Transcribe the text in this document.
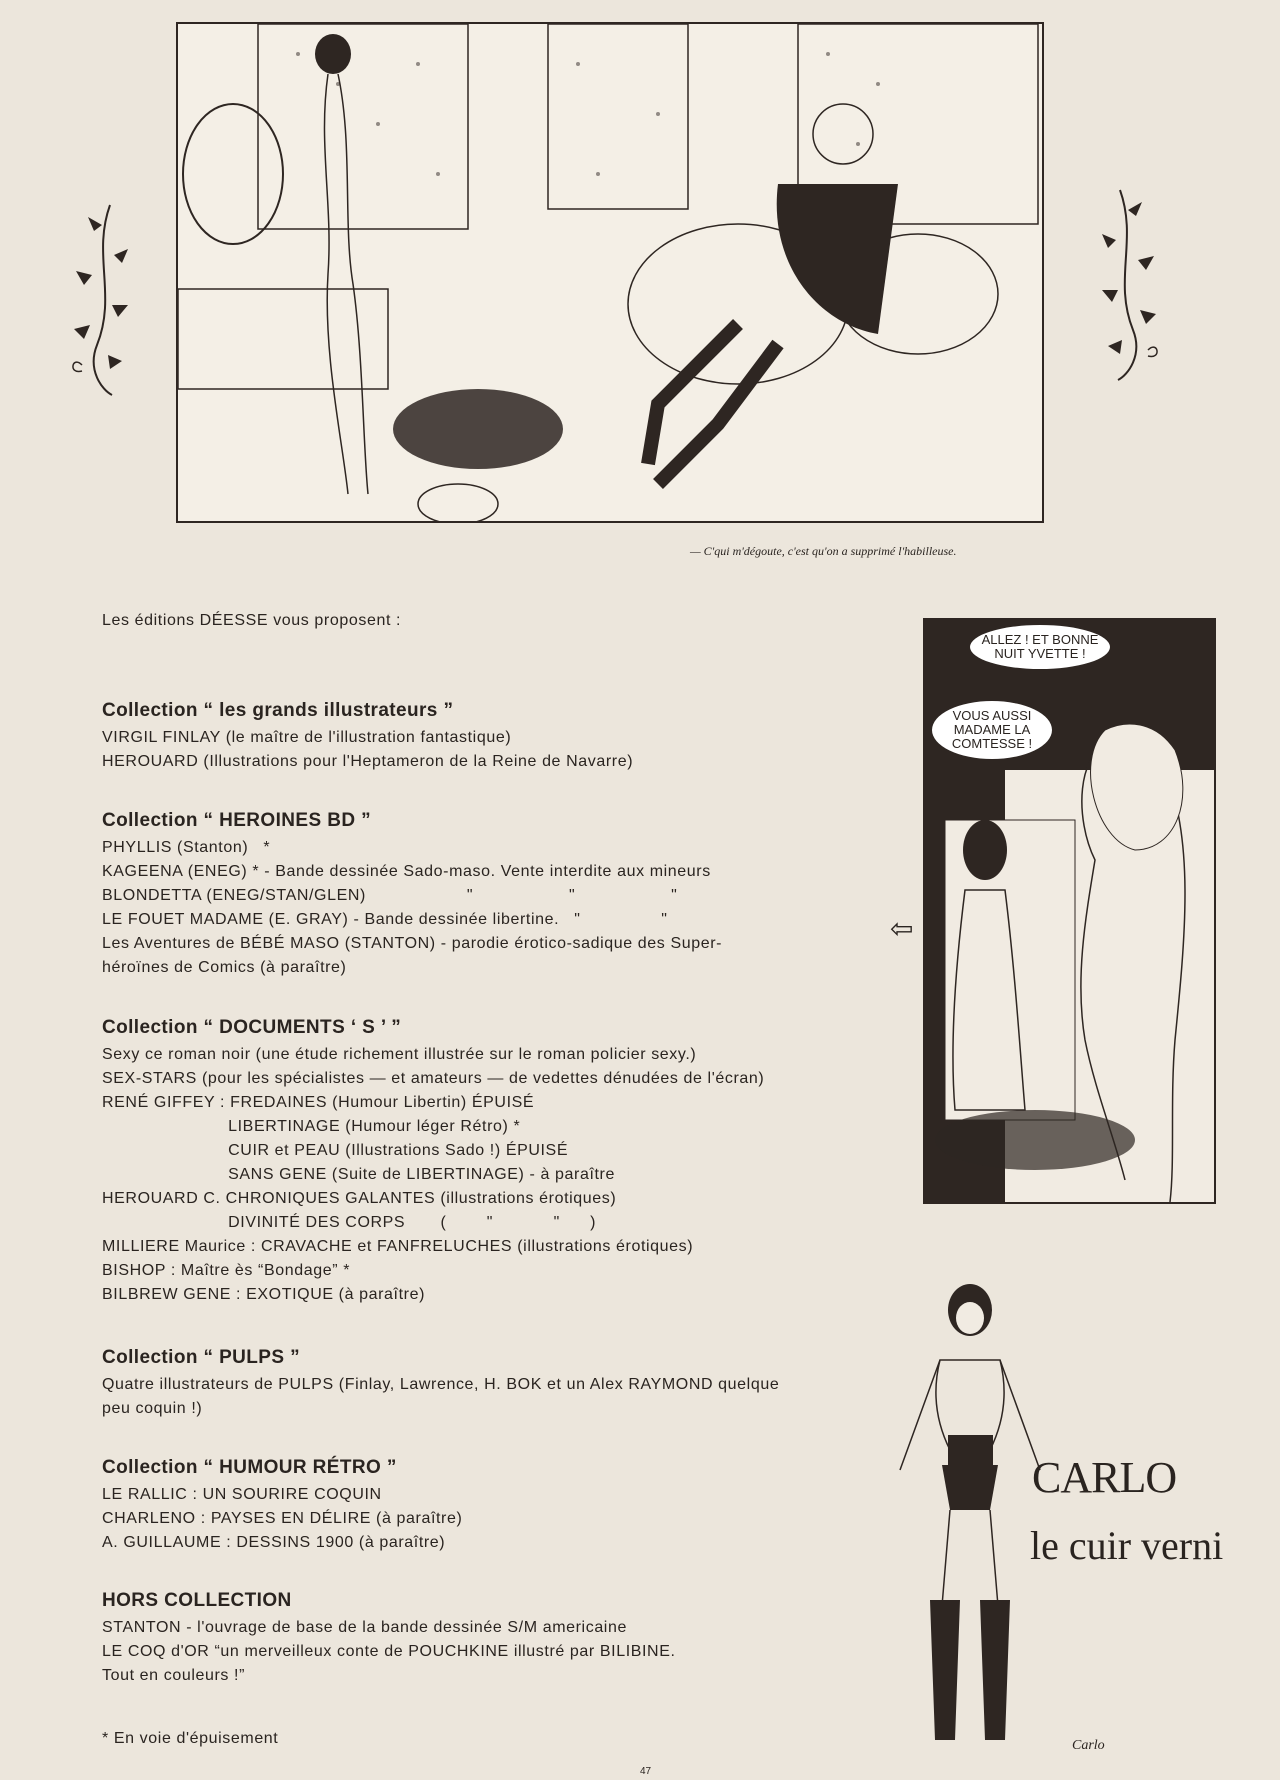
— C'qui m'dégoute, c'est qu'on a supprimé l'habilleuse.
Les éditions DÉESSE vous proposent :
Collection “ les grands illustrateurs ”

VIRGIL FINLAY (le maître de l'illustration fantastique)

HEROUARD (Illustrations pour l'Heptameron de la Reine de Navarre)

Collection “ HEROINES BD ”

PHYLLIS (Stanton)   *

KAGEENA (ENEG) * - Bande dessinée Sado-maso. Vente interdite aux mineurs

BLONDETTA (ENEG/STAN/GLEN)                    "                   "                   "

LE FOUET MADAME (E. GRAY) - Bande dessinée libertine.   "                "

Les Aventures de BÉBÉ MASO (STANTON) - parodie érotico-sadique des Super-

héroïnes de Comics (à paraître)

Collection “ DOCUMENTS ‘ S ’ ”

Sexy ce roman noir (une étude richement illustrée sur le roman policier sexy.)

SEX-STARS (pour les spécialistes — et amateurs — de vedettes dénudées de l'écran)

RENÉ GIFFEY : FREDAINES (Humour Libertin) ÉPUISÉ

LIBERTINAGE (Humour léger Rétro) *

CUIR et PEAU (Illustrations Sado !) ÉPUISÉ

SANS GENE (Suite de LIBERTINAGE) - à paraître

HEROUARD C. CHRONIQUES GALANTES (illustrations érotiques)

DIVINITÉ DES CORPS       (        "            "      )

MILLIERE Maurice : CRAVACHE et FANFRELUCHES (illustrations érotiques)

BISHOP : Maître ès “Bondage” *

BILBREW GENE : EXOTIQUE (à paraître)

Collection “ PULPS ”

Quatre illustrateurs de PULPS (Finlay, Lawrence, H. BOK et un Alex RAYMOND quelque

peu coquin !)

Collection “ HUMOUR RÉTRO ”

LE RALLIC : UN SOURIRE COQUIN

CHARLENO : PAYSES EN DÉLIRE (à paraître)

A. GUILLAUME : DESSINS 1900 (à paraître)

HORS COLLECTION

STANTON - l'ouvrage de base de la bande dessinée S/M americaine

LE COQ d'OR “un merveilleux conte de POUCHKINE illustré par BILIBINE.

Tout en couleurs !”

* En voie d'épuisement

⇦
ALLEZ ! ET BONNE NUIT YVETTE !
VOUS AUSSI MADAME LA COMTESSE !
CARLO
le cuir verni
Carlo
47
